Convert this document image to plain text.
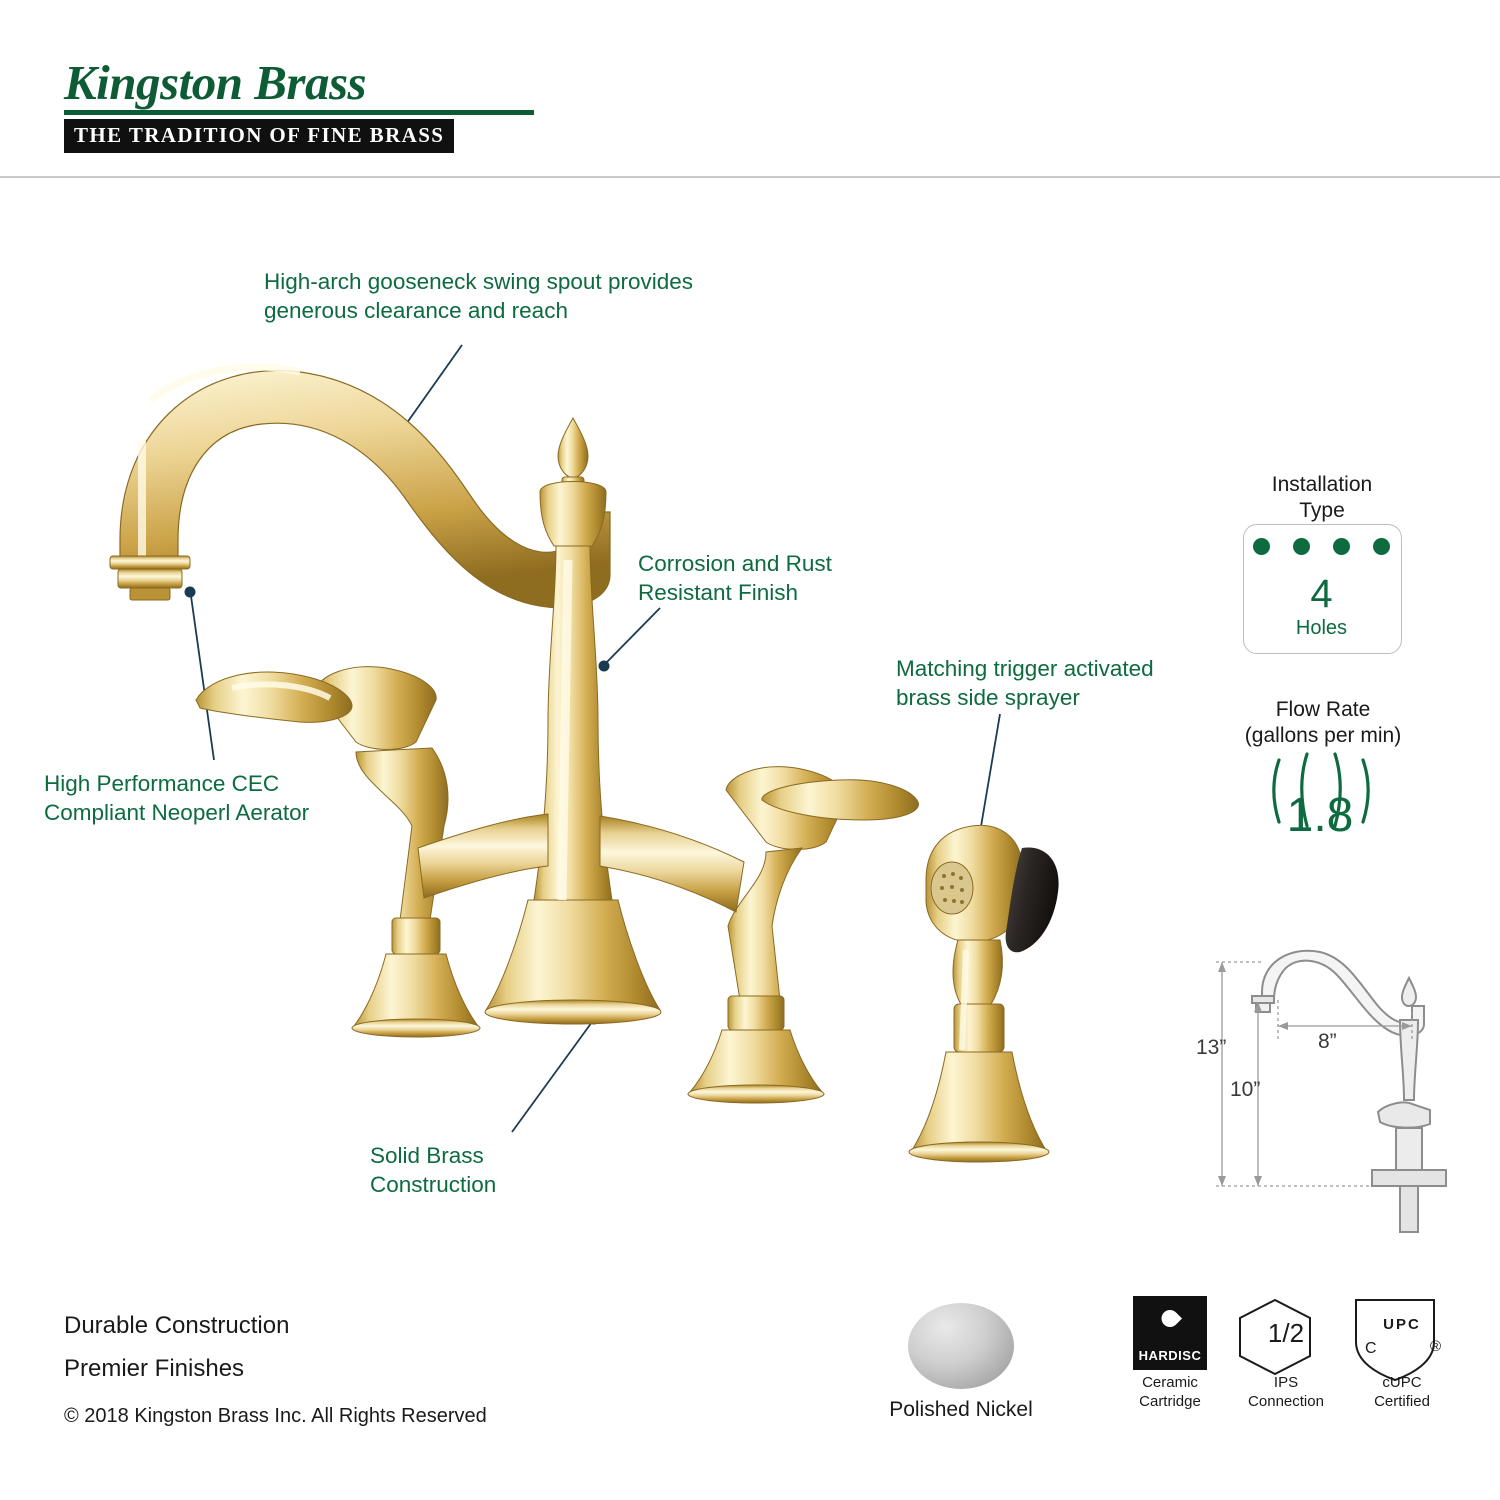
Kingston Brass
THE TRADITION OF FINE BRASS
High-arch gooseneck swing spout provides generous clearance and reach
Corrosion and Rust Resistant Finish
Matching trigger activated brass side sprayer
High Performance CEC Compliant Neoperl Aerator
Solid Brass Construction
Installation
Type
4
Holes
Flow Rate
(gallons per min)
1.8
13”
10”
8”
Durable Construction
Premier Finishes
© 2018 Kingston Brass Inc. All Rights Reserved	Polished Nickel
HARDISC
Ceramic
Cartridge
1/2
IPS
Connection
UPC
C	®
cUPC
Certified
